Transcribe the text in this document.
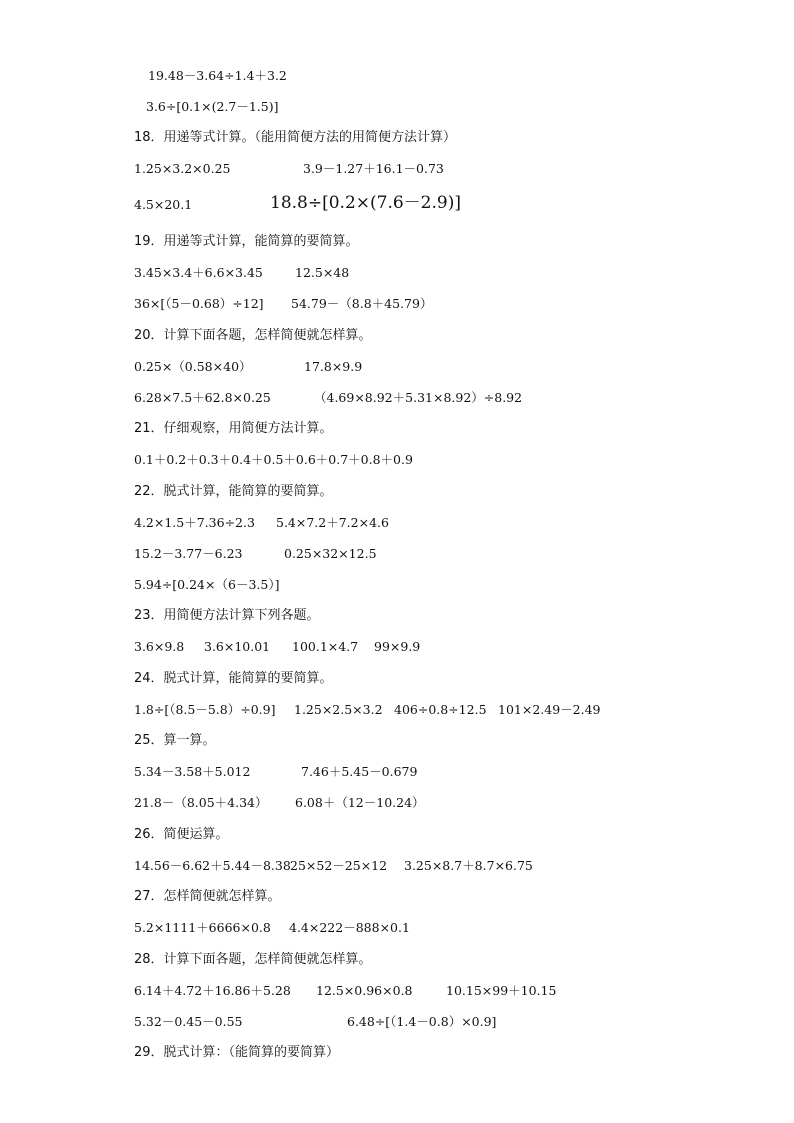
19.48－3.64÷1.4＋3.2
3.6÷[0.1×(2.7－1.5)]
18．用递等式计算。（能用简便方法的用简便方法计算）
1.25×3.2×0.25	3.9－1.27＋16.1－0.73
4.5×20.1	18.8÷[0.2×(7.6－2.9)]
19．用递等式计算，能简算的要简算。
3.45×3.4＋6.6×3.45	12.5×48
36×[（5－0.68）÷12] 54.79－（8.8＋45.79）
20．计算下面各题，怎样简便就怎样算。
0.25×（0.58×40）	17.8×9.9
6.28×7.5＋62.8×0.25	（4.69×8.92＋5.31×8.92）÷8.92
21．仔细观察，用简便方法计算。
0.1＋0.2＋0.3＋0.4＋0.5＋0.6＋0.7＋0.8＋0.9
22．脱式计算，能简算的要简算。
4.2×1.5＋7.36÷2.3 5.4×7.2＋7.2×4.6
15.2－3.77－6.23	0.25×32×12.5
5.94÷[0.24×（6－3.5）]
23．用简便方法计算下列各题。
3.6×9.8 3.6×10.01 100.1×4.7 99×9.9
24．脱式计算，能简算的要简算。
1.8÷[（8.5－5.8）÷0.9] 1.25×2.5×3.2 406÷0.8÷12.5 101×2.49－2.49
25．算一算。
5.34－3.58＋5.012	7.46＋5.45－0.679
21.8－（8.05＋4.34） 6.08＋（12－10.24）
26．简便运算。
14.56－6.62＋5.44－8.38 25×52－25×12 3.25×8.7＋8.7×6.75
27．怎样简便就怎样算。
5.2×1111＋6666×0.8 4.4×222－888×0.1
28．计算下面各题，怎样简便就怎样算。
6.14＋4.72＋16.86＋5.28 12.5×0.96×0.8	10.15×99＋10.15
5.32－0.45－0.55	6.48÷[（1.4－0.8）×0.9]
29．脱式计算：（能简算的要简算）
